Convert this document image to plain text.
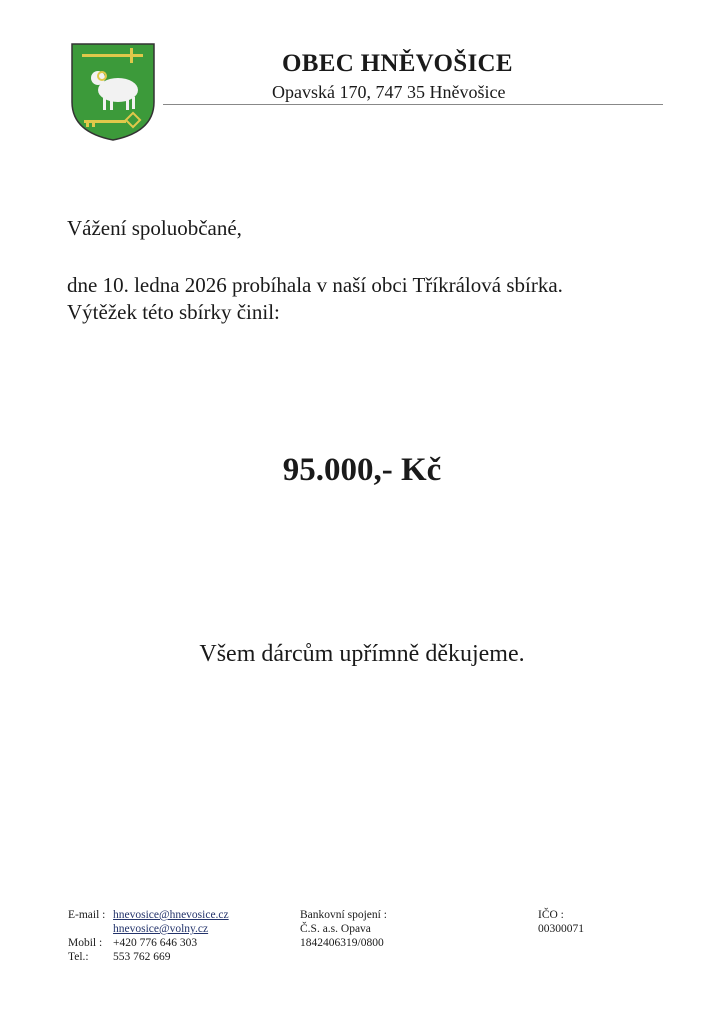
OBEC HNĚVOŠICE
Opavská 170, 747 35 Hněvošice
Vážení spoluobčané,
dne 10. ledna 2026 probíhala v naší obci Tříkrálová sbírka.
Výtěžek této sbírky činil:
95.000,- Kč
Všem dárcům upřímně děkujeme.
E-mail : hnevosice@hnevosice.cz
hnevosice@volny.cz
Mobil : +420 776 646 303
Tel.: 553 762 669
Bankovní spojení :
Č.S. a.s. Opava
1842406319/0800
IČO :
00300071
